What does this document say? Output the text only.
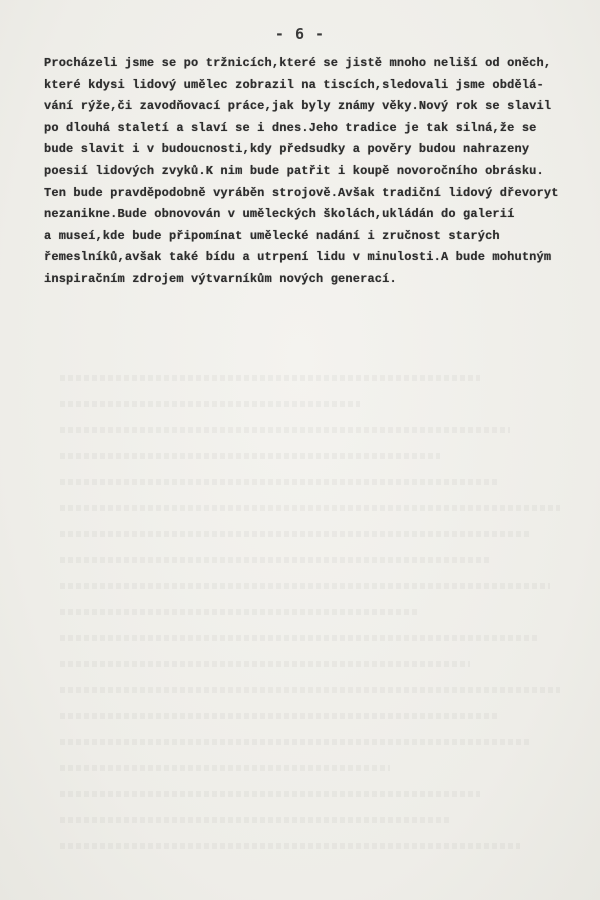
- 6 -
Procházeli jsme se po tržnicích,které se jistě mnoho neliší od oněch,
které kdysi lidový umělec zobrazil na tiscích,sledovali jsme obdělá-
vání rýže,či zavodňovací práce,jak byly známy věky.Nový rok se slavil
po dlouhá staletí a slaví se i dnes.Jeho tradice je tak silná,že se
bude slavit i v budoucnosti,kdy předsudky a pověry budou nahrazeny
poesií lidových zvyků.K nim bude patřit i koupě novoročního obrásku.
Ten bude pravděpodobně vyráběn strojově.Avšak tradiční lidový dřevoryt
nezanikne.Bude obnovován v uměleckých školách,ukládán do galerií
a museí,kde bude připomínat umělecké nadání i zručnost starých
řemeslníků,avšak také bídu a utrpení lidu v minulosti.A bude mohutným
inspiračním zdrojem výtvarníkům nových generací.
